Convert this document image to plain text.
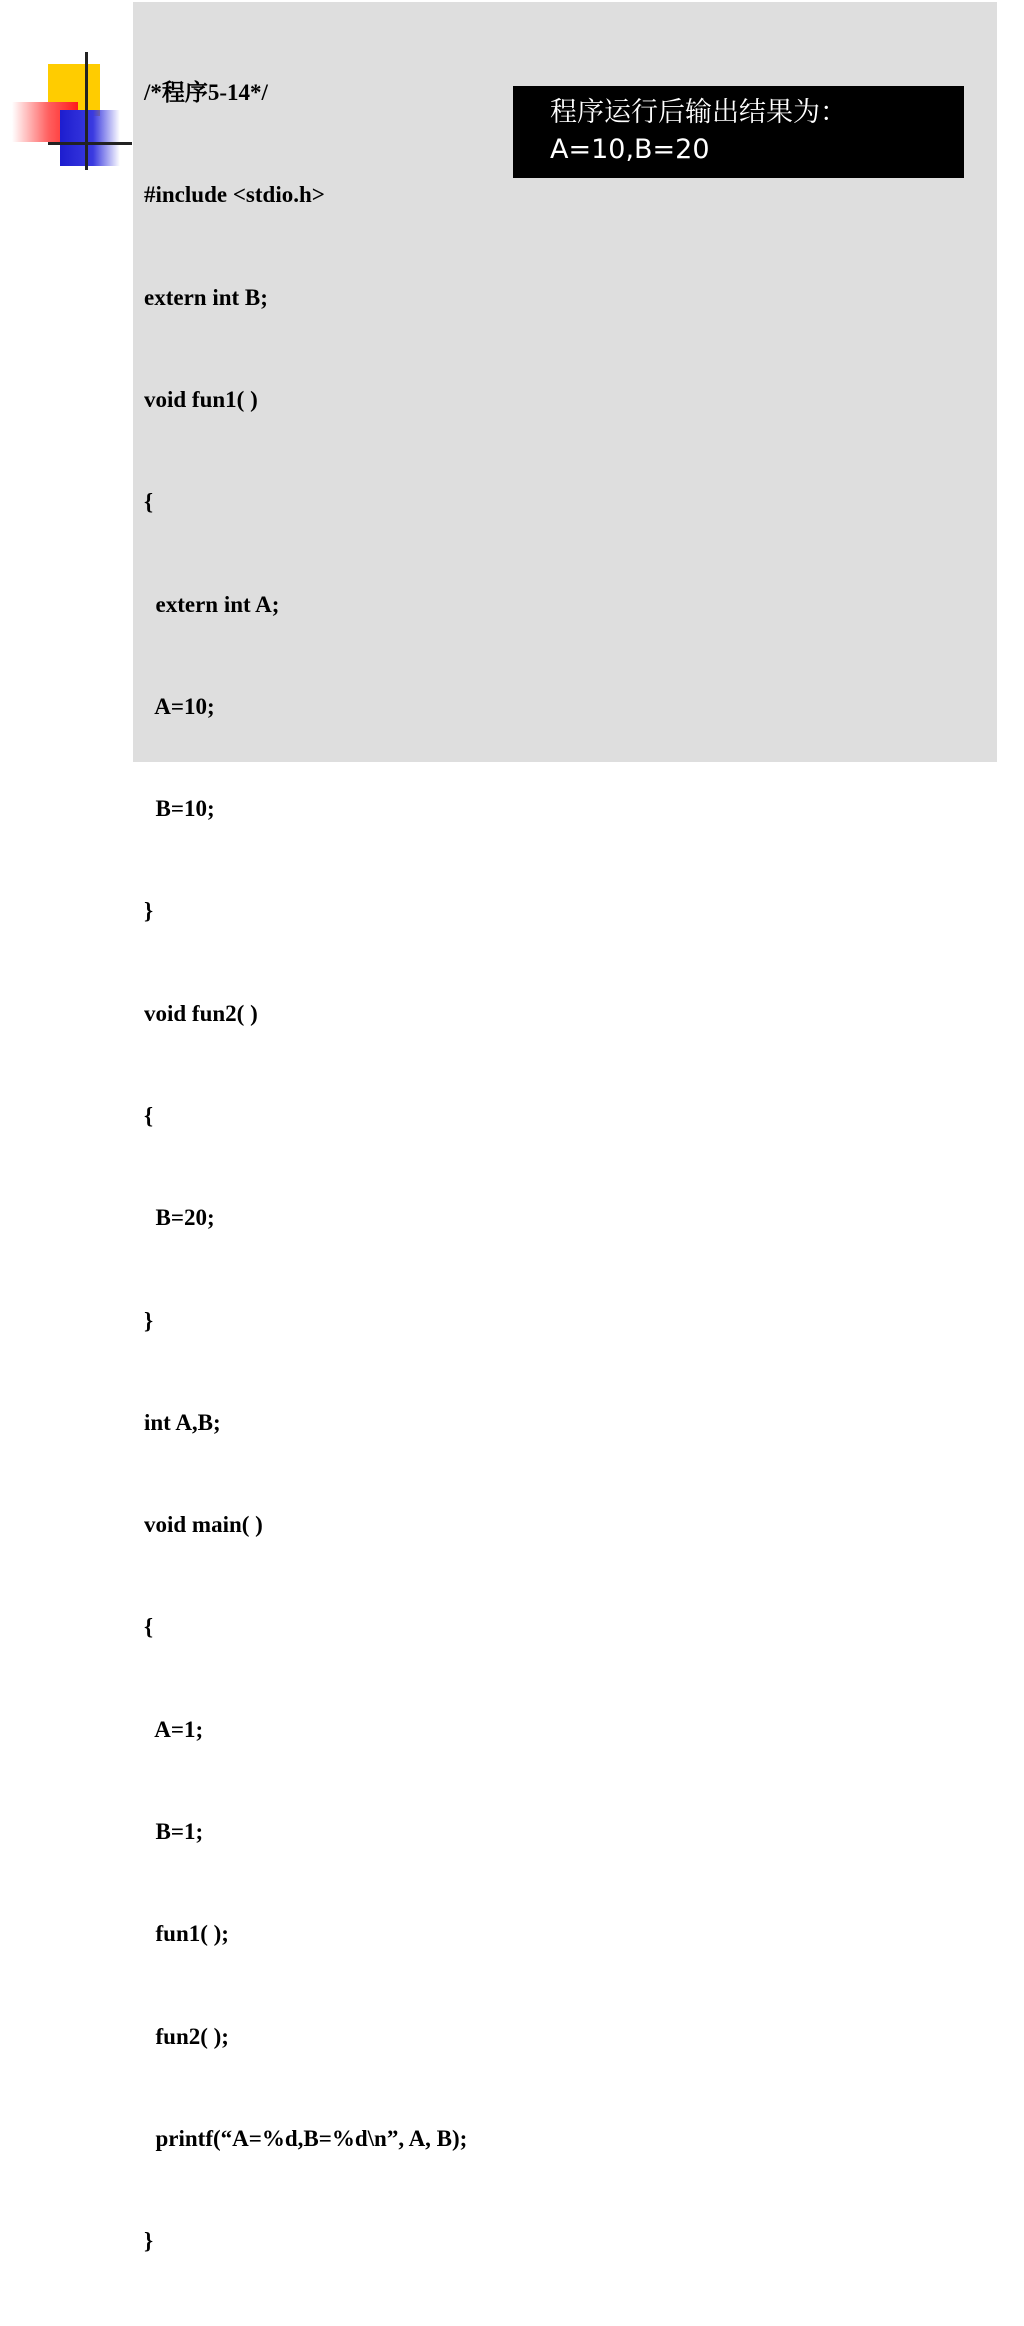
/*程序5-14*/

#include <stdio.h>

extern int B;

void fun1( )

{

extern int A;

A=10;

B=10;

}

void fun2( )

{

B=20;

}

int A,B;

void main( )

{

A=1;

B=1;

fun1( );

fun2( );

printf(“A=%d,B=%d\n”, A, B);

}

程序运行后输出结果为：
A=10,B=20
